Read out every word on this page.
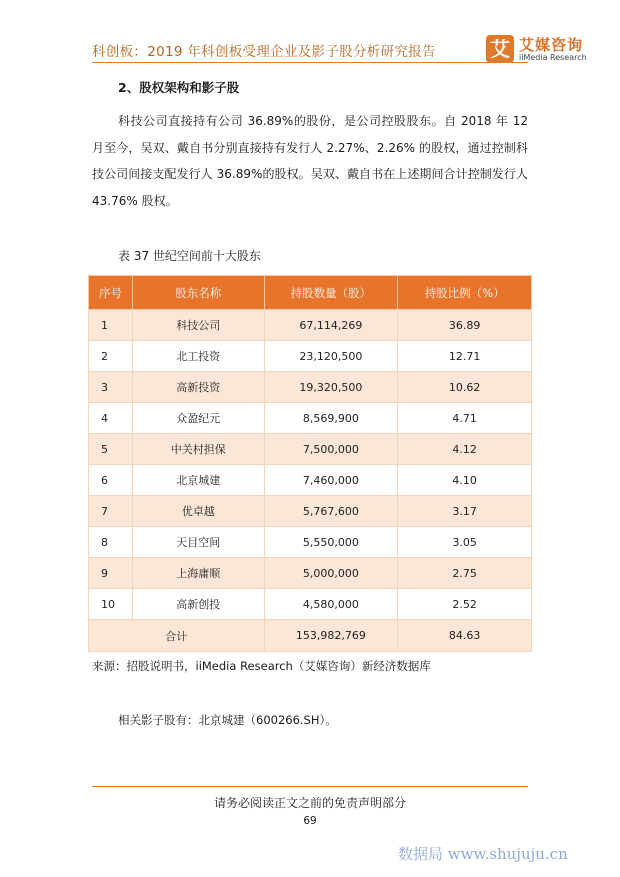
科创板：2019 年科创板受理企业及影子股分析研究报告	艾 艾媒咨询
iiMedia Research
2、股权架构和影子股
科技公司直接持有公司 36.89%的股份，是公司控股股东。自 2018 年 12 月至今，吴双、戴自书分别直接持有发行人 2.27%、2.26% 的股权，通过控制科技公司间接支配发行人 36.89%的股权。吴双、戴自书在上述期间合计控制发行人 43.76% 股权。
表 37 世纪空间前十大股东
序号	股东名称	持股数量（股）	持股比例（%）
1	科技公司	67,114,269	36.89
2	北工投资	23,120,500	12.71
3	高新投资	19,320,500	10.62
4	众盈纪元	8,569,900	4.71
5	中关村担保	7,500,000	4.12
6	北京城建	7,460,000	4.10
7	优卓越	5,767,600	3.17
8	天目空间	5,550,000	3.05
9	上海庸顺	5,000,000	2.75
10	高新创投	4,580,000	2.52
合计		153,982,769	84.63
来源：招股说明书，iiMedia Research（艾媒咨询）新经济数据库
相关影子股有：北京城建（600266.SH）。
请务必阅读正文之前的免责声明部分
69
数据局 www.shujuju.cn
